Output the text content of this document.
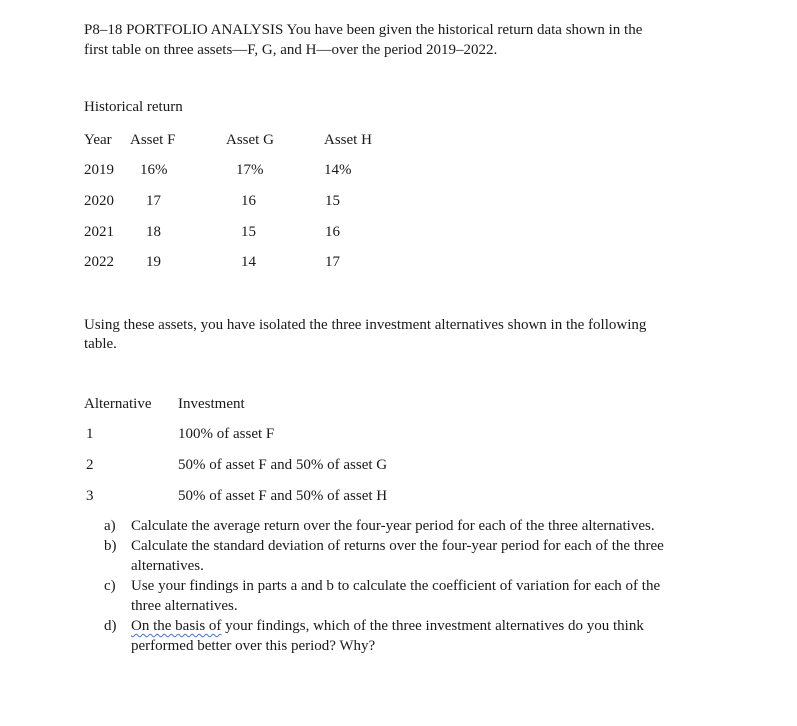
P8–18 PORTFOLIO ANALYSIS You have been given the historical return data shown in the
first table on three assets—F, G, and H—over the period 2019–2022.
Historical return
Year Asset F	Asset G	Asset H
2019 16%	17%	14%
2020 17	16	15
2021 18	15	16
2022 19	14	17
Using these assets, you have isolated the three investment alternatives shown in the following
table.
Alternative Investment
1	100% of asset F
2	50% of asset F and 50% of asset G
3	50% of asset F and 50% of asset H
a) Calculate the average return over the four-year period for each of the three alternatives.
b) Calculate the standard deviation of returns over the four-year period for each of the three
alternatives.
c) Use your findings in parts a and b to calculate the coefficient of variation for each of the
three alternatives.
d) On the basis of your findings, which of the three investment alternatives do you think
performed better over this period? Why?
